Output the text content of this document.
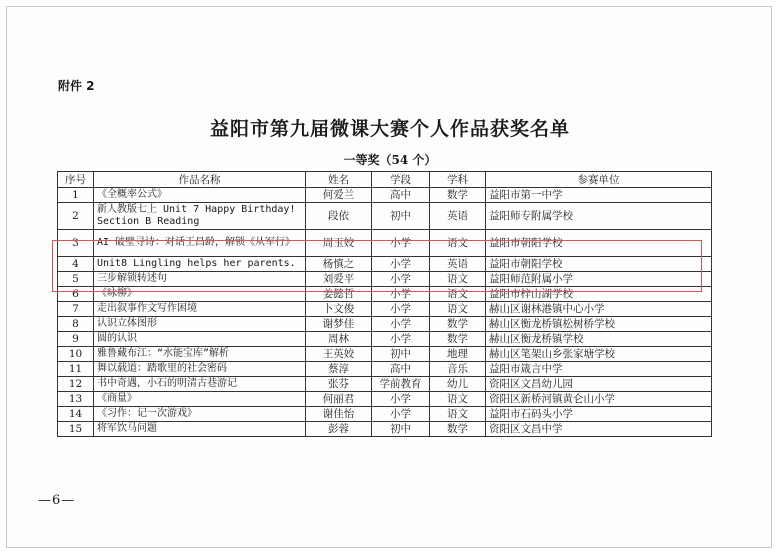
附件 2
益阳市第九届微课大赛个人作品获奖名单
一等奖（54 个）
序号	作品名称	姓名	学段	学科	参赛单位
1	《全概率公式》	何爱兰	高中	数学	益阳市第一中学
2	新人教版七上 Unit 7 Happy Birthday! Section B Reading	段依	初中	英语	益阳师专附属学校
3	AI 破壁寻诗：对话王昌龄，解锁《从军行》	周玉姣	小学	语文	益阳市朝阳学校
4	Unit8 Lingling helps her parents.	杨慎之	小学	英语	益阳市朝阳学校
5	三步解锁转述句	刘爱平	小学	语文	益阳师范附属小学
6	《咏柳》	姜懿哲	小学	语文	益阳市梓山湖学校
7	走出叙事作文写作困境	卜文俊	小学	语文	赫山区谢林港镇中心小学
8	认识立体图形	谢梦佳	小学	数学	赫山区衡龙桥镇松树桥学校
9	圆的认识	周林	小学	数学	赫山区衡龙桥镇学校
10	雅鲁藏布江：“水能宝库”解析	王英姣	初中	地理	赫山区笔架山乡张家塘学校
11	舞以载道：踏歌里的社会密码	蔡淳	高中	音乐	益阳市箴言中学
12	书中奇遇，小石的明清古巷游记	张芬	学前教育	幼儿	资阳区文昌幼儿园
13	《商量》	何丽君	小学	语文	资阳区新桥河镇黄仑山小学
14	《习作：记一次游戏》	谢佳怡	小学	语文	益阳市石码头小学
15	将军饮马问题	彭蓉	初中	数学	资阳区文昌中学
—6—
